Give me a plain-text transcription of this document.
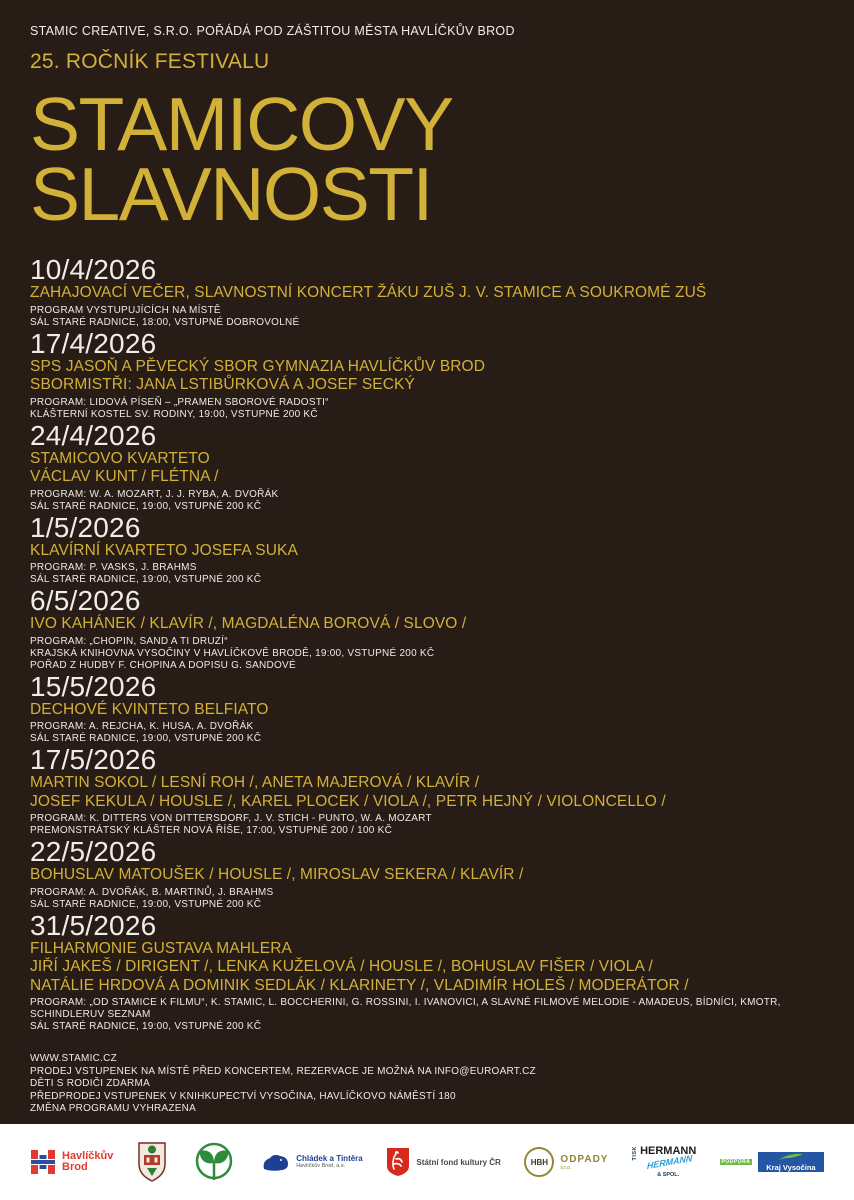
STAMIC CREATIVE, S.R.O. POŘÁDÁ POD ZÁŠTITOU MĚSTA HAVLÍČKŮV BROD
25. ROČNÍK FESTIVALU
STAMICOVY
SLAVNOSTI
10/4/2026

ZAHAJOVACÍ VEČER, SLAVNOSTNÍ KONCERT ŽÁKU ZUŠ J. V. STAMICE A SOUKROMÉ ZUŠ

PROGRAM VYSTUPUJÍCÍCH NA MÍSTĚ

SÁL STARÉ RADNICE, 18:00, VSTUPNÉ DOBROVOLNÉ

17/4/2026

SPS JASOŇ A PĚVECKÝ SBOR GYMNAZIA HAVLÍČKŮV BROD

SBORMISTŘI: JANA LSTIBŮRKOVÁ A JOSEF SECKÝ

PROGRAM: LIDOVÁ PÍSEŇ – „PRAMEN SBOROVÉ RADOSTI“

KLÁŠTERNÍ KOSTEL SV. RODINY, 19:00, VSTUPNÉ 200 KČ

24/4/2026

STAMICOVO KVARTETO

VÁCLAV KUNT / FLÉTNA /

PROGRAM: W. A. MOZART, J. J. RYBA, A. DVOŘÁK

SÁL STARÉ RADNICE, 19:00, VSTUPNÉ 200 KČ

1/5/2026

KLAVÍRNÍ KVARTETO JOSEFA SUKA

PROGRAM: P. VASKS, J. BRAHMS

SÁL STARÉ RADNICE, 19:00, VSTUPNÉ 200 KČ

6/5/2026

IVO KAHÁNEK / KLAVÍR /, MAGDALÉNA BOROVÁ / SLOVO /

PROGRAM: „CHOPIN, SAND A TI DRUZÍ“

KRAJSKÁ KNIHOVNA VYSOČINY V HAVLÍČKOVĚ BRODĚ, 19:00, VSTUPNÉ 200 KČ

POŘAD Z HUDBY F. CHOPINA A DOPISU G. SANDOVÉ

15/5/2026

DECHOVÉ KVINTETO BELFIATO

PROGRAM: A. REJCHA, K. HUSA, A. DVOŘÁK

SÁL STARÉ RADNICE, 19:00, VSTUPNÉ 200 KČ

17/5/2026

MARTIN SOKOL / LESNÍ ROH /, ANETA MAJEROVÁ / KLAVÍR /

JOSEF KEKULA / HOUSLE /, KAREL PLOCEK / VIOLA /, PETR HEJNÝ / VIOLONCELLO /

PROGRAM: K. DITTERS VON DITTERSDORF, J. V. STICH - PUNTO, W. A. MOZART

PREMONSTRÁTSKÝ KLÁŠTER NOVÁ ŘÍŠE, 17:00, VSTUPNÉ 200 / 100 KČ

22/5/2026

BOHUSLAV MATOUŠEK / HOUSLE /, MIROSLAV SEKERA / KLAVÍR /

PROGRAM: A. DVOŘÁK, B. MARTINŮ, J. BRAHMS

SÁL STARÉ RADNICE, 19:00, VSTUPNÉ 200 KČ

31/5/2026

FILHARMONIE GUSTAVA MAHLERA

JIŘÍ JAKEŠ / DIRIGENT /, LENKA KUŽELOVÁ / HOUSLE /, BOHUSLAV FIŠER / VIOLA /

NATÁLIE HRDOVÁ A DOMINIK SEDLÁK / KLARINETY /, VLADIMÍR HOLEŠ / MODERÁTOR /

PROGRAM: „OD STAMICE K FILMU“, K. STAMIC, L. BOCCHERINI, G. ROSSINI, I. IVANOVICI, A SLAVNÉ FILMOVÉ MELODIE - AMADEUS, BÍDNÍCI, KMOTR, SCHINDLERUV SEZNAM

SÁL STARÉ RADNICE, 19:00, VSTUPNÉ 200 KČ

WWW.STAMIC.CZ

PRODEJ VSTUPENEK NA MÍSTĚ PŘED KONCERTEM, REZERVACE JE MOŽNÁ NA INFO@EUROART.CZ

DĚTI S RODIČI ZDARMA

PŘEDPRODEJ VSTUPENEK V KNIHKUPECTVÍ VYSOČINA, HAVLÍČKOVO NÁMĚSTÍ 180

ZMĚNA PROGRAMU VYHRAZENA

Havlíčkův
Brod
Chládek a Tintěra
Havlíčkův Brod, a.s.	Státní fond kultury ČR	HBH	ODPADY
s.r.o.
TISK HERMANN
HERMANN
& SPOL.
PODPORA
Kraj Vysočina
